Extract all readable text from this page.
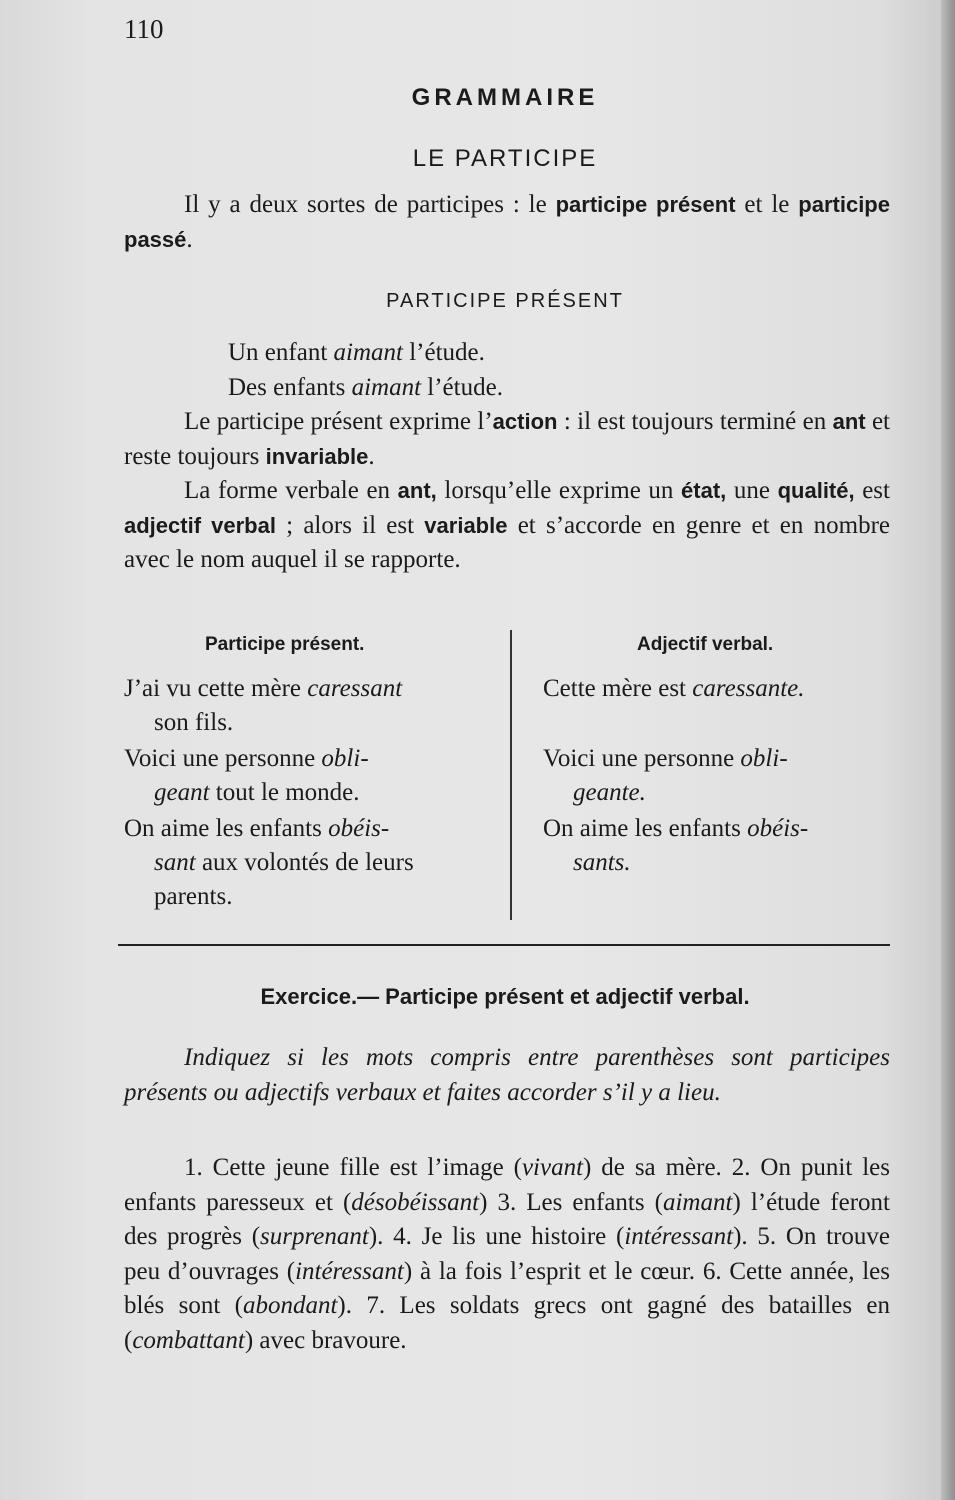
110
GRAMMAIRE
LE PARTICIPE
Il y a deux sortes de participes : le participe présent et le participe passé.
PARTICIPE PRÉSENT
Un enfant aimant l’étude.
Des enfants aimant l’étude.
Le participe présent exprime l’action : il est toujours terminé en ant et reste toujours invariable.
La forme verbale en ant, lorsqu’elle exprime un état, une qualité, est adjectif verbal ; alors il est variable et s’accorde en genre et en nombre avec le nom auquel il se rapporte.
Participe présent.	Adjectif verbal.
J’ai vu cette mère caressant
son fils.
Voici une personne obli-
geant tout le monde.
On aime les enfants obéis-
sant aux volontés de leurs
parents.
Cette mère est caressante.
Voici une personne obli-
geante.
On aime les enfants obéis-
sants.
Exercice.— Participe présent et adjectif verbal.
Indiquez si les mots compris entre parenthèses sont participes présents ou adjectifs verbaux et faites accorder s’il y a lieu.
1. Cette jeune fille est l’image (vivant) de sa mère. 2. On punit les enfants paresseux et (désobéissant) 3. Les enfants (aimant) l’étude feront des progrès (surprenant). 4. Je lis une histoire (intéressant). 5. On trouve peu d’ouvrages (intéressant) à la fois l’esprit et le cœur. 6. Cette année, les blés sont (abondant). 7. Les soldats grecs ont gagné des batailles en (combattant) avec bravoure.
